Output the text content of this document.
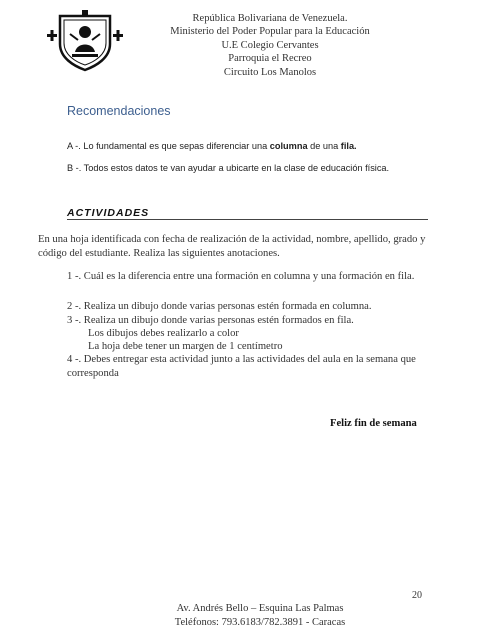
República Bolivariana de Venezuela.
Ministerio del Poder Popular para la Educación
U.E Colegio Cervantes
Parroquia el Recreo
Circuito Los Manolos
Recomendaciones
A -. Lo fundamental es que sepas diferenciar una columna de una fila.
B -. Todos estos datos te van ayudar a ubicarte en la clase de educación física.
ACTIVIDADES
En una hoja identificada con fecha de realización de la actividad, nombre, apellido, grado y código del estudiante. Realiza las siguientes anotaciones.
1 -. Cuál es la diferencia entre una formación en columna y una formación en fila.
2 -. Realiza un dibujo donde varias personas estén formada en columna.
3 -. Realiza un dibujo donde varias personas estén formados en fila.
Los dibujos debes realizarlo a color
La hoja debe tener un margen de 1 centímetro
4 -. Debes entregar esta actividad junto a las actividades del aula en la semana que corresponda
Feliz fin de semana
20
Av. Andrés Bello – Esquina Las Palmas
Teléfonos: 793.6183/782.3891 - Caracas
